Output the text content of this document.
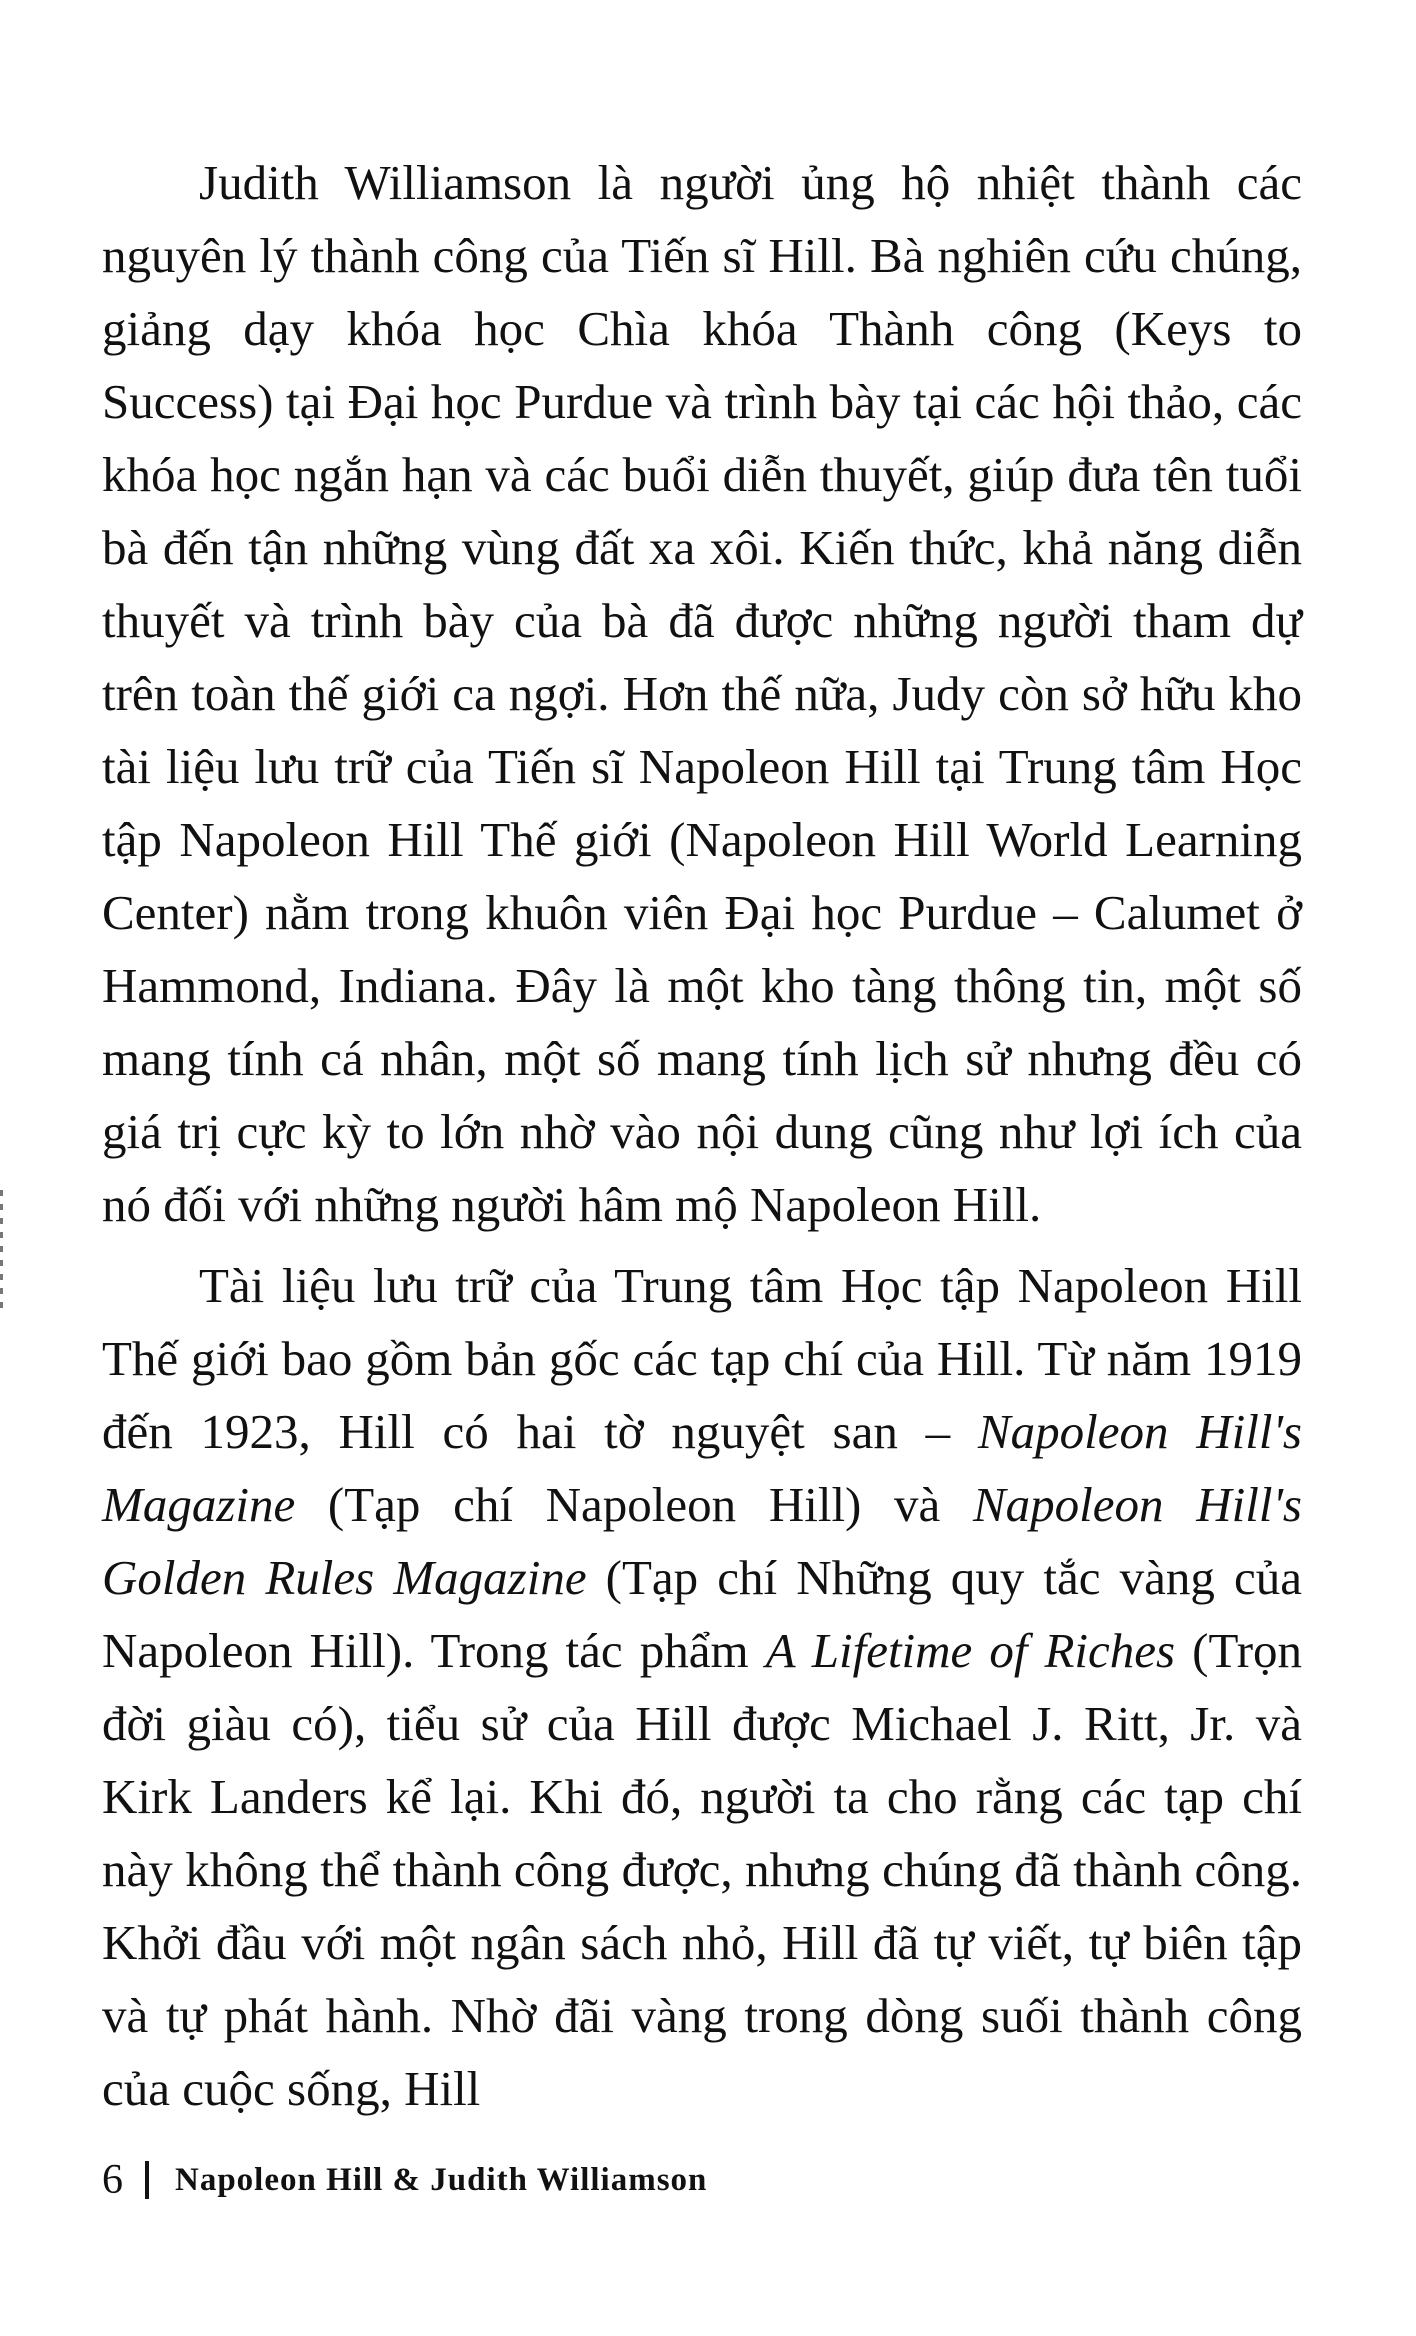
Judith Williamson là người ủng hộ nhiệt thành các nguyên lý thành công của Tiến sĩ Hill. Bà nghiên cứu chúng, giảng dạy khóa học Chìa khóa Thành công (Keys to Success) tại Đại học Purdue và trình bày tại các hội thảo, các khóa học ngắn hạn và các buổi diễn thuyết, giúp đưa tên tuổi bà đến tận những vùng đất xa xôi. Kiến thức, khả năng diễn thuyết và trình bày của bà đã được những người tham dự trên toàn thế giới ca ngợi. Hơn thế nữa, Judy còn sở hữu kho tài liệu lưu trữ của Tiến sĩ Napoleon Hill tại Trung tâm Học tập Napoleon Hill Thế giới (Napoleon Hill World Learning Center) nằm trong khuôn viên Đại học Purdue – Calumet ở Hammond, Indiana. Đây là một kho tàng thông tin, một số mang tính cá nhân, một số mang tính lịch sử nhưng đều có giá trị cực kỳ to lớn nhờ vào nội dung cũng như lợi ích của nó đối với những người hâm mộ Napoleon Hill.

Tài liệu lưu trữ của Trung tâm Học tập Napoleon Hill Thế giới bao gồm bản gốc các tạp chí của Hill. Từ năm 1919 đến 1923, Hill có hai tờ nguyệt san – Napoleon Hill's Magazine (Tạp chí Napoleon Hill) và Napoleon Hill's Golden Rules Magazine (Tạp chí Những quy tắc vàng của Napoleon Hill). Trong tác phẩm A Lifetime of Riches (Trọn đời giàu có), tiểu sử của Hill được Michael J. Ritt, Jr. và Kirk Landers kể lại. Khi đó, người ta cho rằng các tạp chí này không thể thành công được, nhưng chúng đã thành công. Khởi đầu với một ngân sách nhỏ, Hill đã tự viết, tự biên tập và tự phát hành. Nhờ đãi vàng trong dòng suối thành công của cuộc sống, Hill

6 Napoleon Hill & Judith Williamson
